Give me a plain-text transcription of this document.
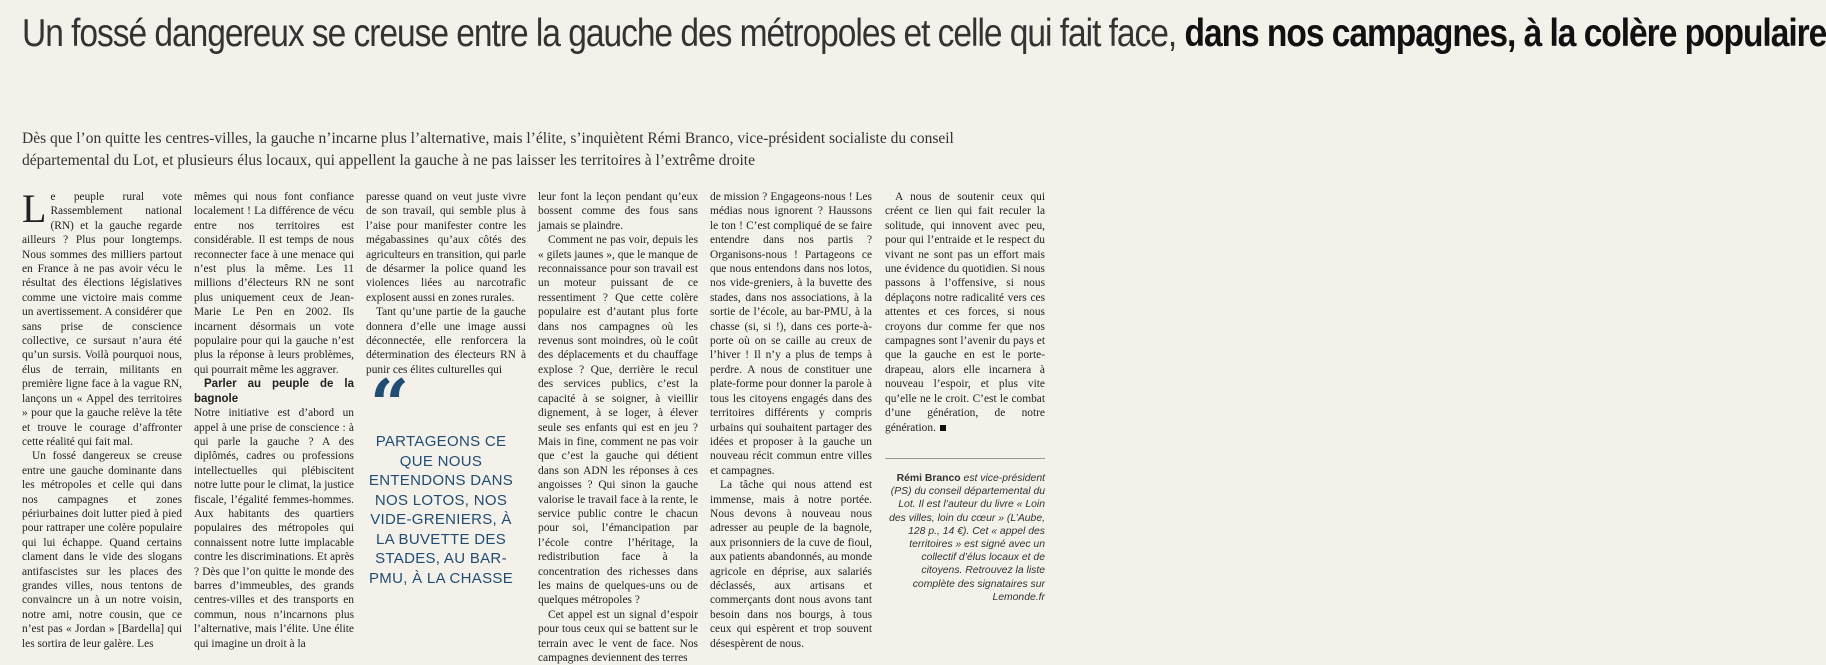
Un fossé dangereux se creuse entre la gauche des métropoles et celle qui fait face, dans nos campagnes, à la colère populaire

Dès que l’on quitte les centres-villes, la gauche n’incarne plus l’alternative, mais l’élite, s’inquiètent Rémi Branco, vice-président socialiste du conseil départemental du Lot, et plusieurs élus locaux, qui appellent la gauche à ne pas laisser les territoires à l’extrême droite

Le peuple rural vote Rassemblement national (RN) et la gauche regarde ailleurs ? Plus pour longtemps. Nous sommes des milliers partout en France à ne pas avoir vécu le résultat des élections législatives comme une victoire mais comme un avertissement. A considérer que sans prise de conscience collective, ce sursaut n’aura été qu’un sursis. Voilà pourquoi nous, élus de terrain, militants en première ligne face à la vague RN, lançons un « Appel des territoires » pour que la gauche relève la tête et trouve le courage d’affronter cette réalité qui fait mal.

Un fossé dangereux se creuse entre une gauche dominante dans les métropoles et celle qui dans nos campagnes et zones périurbaines doit lutter pied à pied pour rattraper une colère populaire qui lui échappe. Quand certains clament dans le vide des slogans antifascistes sur les places des grandes villes, nous tentons de convaincre un à un notre voisin, notre ami, notre cousin, que ce n’est pas « Jordan » [Bardella] qui les sortira de leur galère. Les

mêmes qui nous font confiance localement ! La différence de vécu entre nos territoires est considérable. Il est temps de nous reconnecter face à une menace qui n’est plus la même. Les 11 millions d’électeurs RN ne sont plus uniquement ceux de Jean-Marie Le Pen en 2002. Ils incarnent désormais un vote populaire pour qui la gauche n’est plus la réponse à leurs problèmes, qui pourrait même les aggraver.

Parler au peuple de la bagnole

Notre initiative est d’abord un appel à une prise de conscience : à qui parle la gauche ? A des diplômés, cadres ou professions intellectuelles qui plébiscitent notre lutte pour le climat, la justice fiscale, l’égalité femmes-hommes. Aux habitants des quartiers populaires des métropoles qui connaissent notre lutte implacable contre les discriminations. Et après ? Dès que l’on quitte le monde des barres d’immeubles, des grands centres-villes et des transports en commun, nous n’incarnons plus l’alternative, mais l’élite. Une élite qui imagine un droit à la

paresse quand on veut juste vivre de son travail, qui semble plus à l’aise pour manifester contre les mégabassines qu’aux côtés des agriculteurs en transition, qui parle de désarmer la police quand les violences liées au narcotrafic explosent aussi en zones rurales.

Tant qu’une partie de la gauche donnera d’elle une image aussi déconnectée, elle renforcera la détermination des électeurs RN à punir ces élites culturelles qui

“
PARTAGEONS CE QUE NOUS ENTENDONS DANS NOS LOTOS, NOS VIDE-GRENIERS, À LA BUVETTE DES STADES, AU BAR-PMU, À LA CHASSE

leur font la leçon pendant qu’eux bossent comme des fous sans jamais se plaindre.

Comment ne pas voir, depuis les « gilets jaunes », que le manque de reconnaissance pour son travail est un moteur puissant de ce ressentiment ? Que cette colère populaire est d’autant plus forte dans nos campagnes où les revenus sont moindres, où le coût des déplacements et du chauffage explose ? Que, derrière le recul des services publics, c’est la capacité à se soigner, à vieillir dignement, à se loger, à élever seule ses enfants qui est en jeu ? Mais in fine, comment ne pas voir que c’est la gauche qui détient dans son ADN les réponses à ces angoisses ? Qui sinon la gauche valorise le travail face à la rente, le service public contre le chacun pour soi, l’émancipation par l’école contre l’héritage, la redistribution face à la concentration des richesses dans les mains de quelques-uns ou de quelques métropoles ?

Cet appel est un signal d’espoir pour tous ceux qui se battent sur le terrain avec le vent de face. Nos campagnes deviennent des terres

de mission ? Engageons-nous ! Les médias nous ignorent ? Haussons le ton ! C’est compliqué de se faire entendre dans nos partis ? Organisons-nous ! Partageons ce que nous entendons dans nos lotos, nos vide-greniers, à la buvette des stades, dans nos associations, à la sortie de l’école, au bar-PMU, à la chasse (si, si !), dans ces porte-à-porte où on se caille au creux de l’hiver ! Il n’y a plus de temps à perdre. A nous de constituer une plate-forme pour donner la parole à tous les citoyens engagés dans des territoires différents y compris urbains qui souhaitent partager des idées et proposer à la gauche un nouveau récit commun entre villes et campagnes.

La tâche qui nous attend est immense, mais à notre portée. Nous devons à nouveau nous adresser au peuple de la bagnole, aux prisonniers de la cuve de fioul, aux patients abandonnés, au monde agricole en déprise, aux salariés déclassés, aux artisans et commerçants dont nous avons tant besoin dans nos bourgs, à tous ceux qui espèrent et trop souvent désespèrent de nous.

A nous de soutenir ceux qui créent ce lien qui fait reculer la solitude, qui innovent avec peu, pour qui l’entraide et le respect du vivant ne sont pas un effort mais une évidence du quotidien. Si nous passons à l’offensive, si nous déplaçons notre radicalité vers ces attentes et ces forces, si nous croyons dur comme fer que nos campagnes sont l’avenir du pays et que la gauche en est le porte-drapeau, alors elle incarnera à nouveau l’espoir, et plus vite qu’elle ne le croit. C’est le combat d’une génération, de notre génération.

Rémi Branco est vice-président (PS) du conseil départemental du Lot. Il est l’auteur du livre « Loin des villes, loin du cœur » (L’Aube, 128 p., 14 €). Cet « appel des territoires » est signé avec un collectif d’élus locaux et de citoyens. Retrouvez la liste complète des signataires sur Lemonde.fr
